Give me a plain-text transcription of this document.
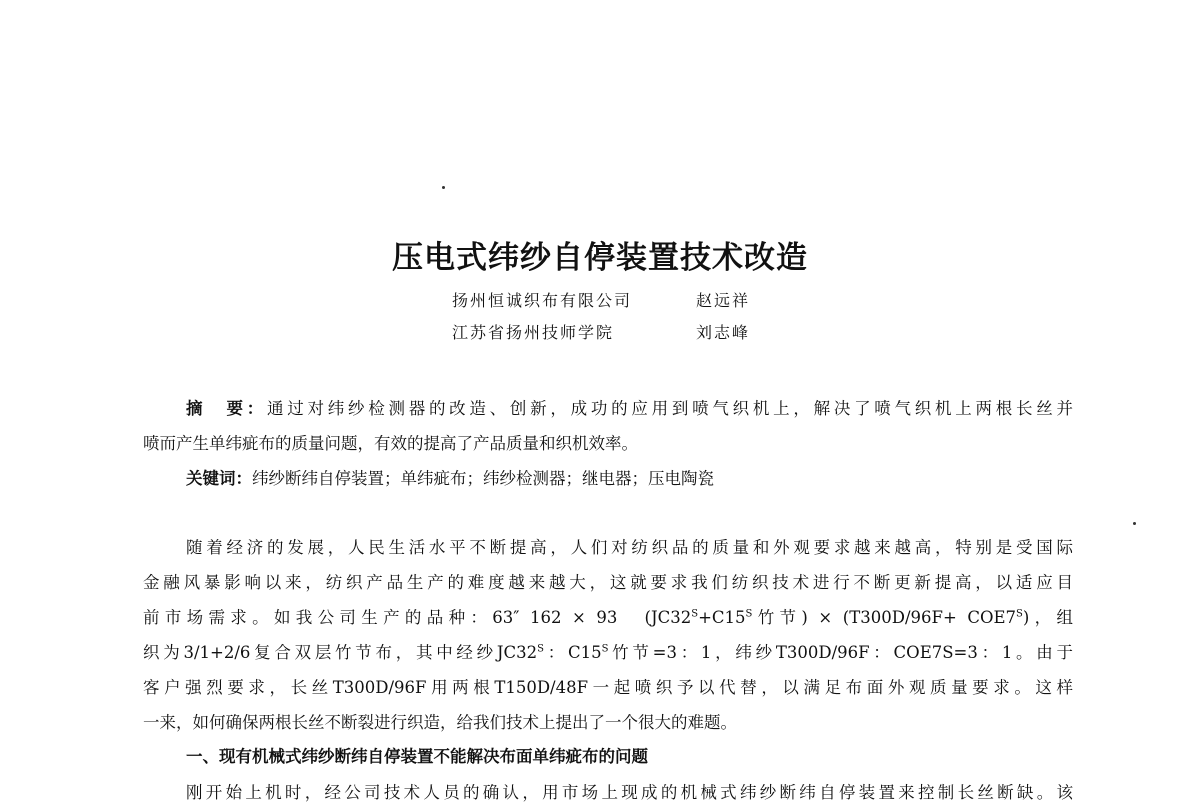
压电式纬纱自停装置技术改造
扬州恒诚织布有限公司	赵远祥
江苏省扬州技师学院	刘志峰
摘　要：通过对纬纱检测器的改造、创新，成功的应用到喷气织机上，解决了喷气织机上两根长丝并
喷而产生单纬疵布的质量问题，有效的提高了产品质量和织机效率。
关键词：纬纱断纬自停装置；单纬疵布；纬纱检测器；继电器；压电陶瓷
随着经济的发展，人民生活水平不断提高，人们对纺织品的质量和外观要求越来越高，特别是受国际
金融风暴影响以来，纺织产品生产的难度越来越大，这就要求我们纺织技术进行不断更新提高，以适应目
前市场需求。如我公司生产的品种：63″ 162 × 93　($JC32^S+C15^S$竹节) × $(T300D/96F+ COE7^S)$，组
织为3/1+2/6复合双层竹节布，其中经纱$JC32^S$：$C15^S$竹节=3：1，纬纱T300D/96F：COE7S=3：1。由于
客户强烈要求，长丝T300D/96F用两根T150D/48F一起喷织予以代替，以满足布面外观质量要求。这样
一来，如何确保两根长丝不断裂进行织造，给我们技术上提出了一个很大的难题。
一、现有机械式纬纱断纬自停装置不能解决布面单纬疵布的问题
刚开始上机时，经公司技术人员的确认，用市场上现成的机械式纬纱断纬自停装置来控制长丝断缺。该
